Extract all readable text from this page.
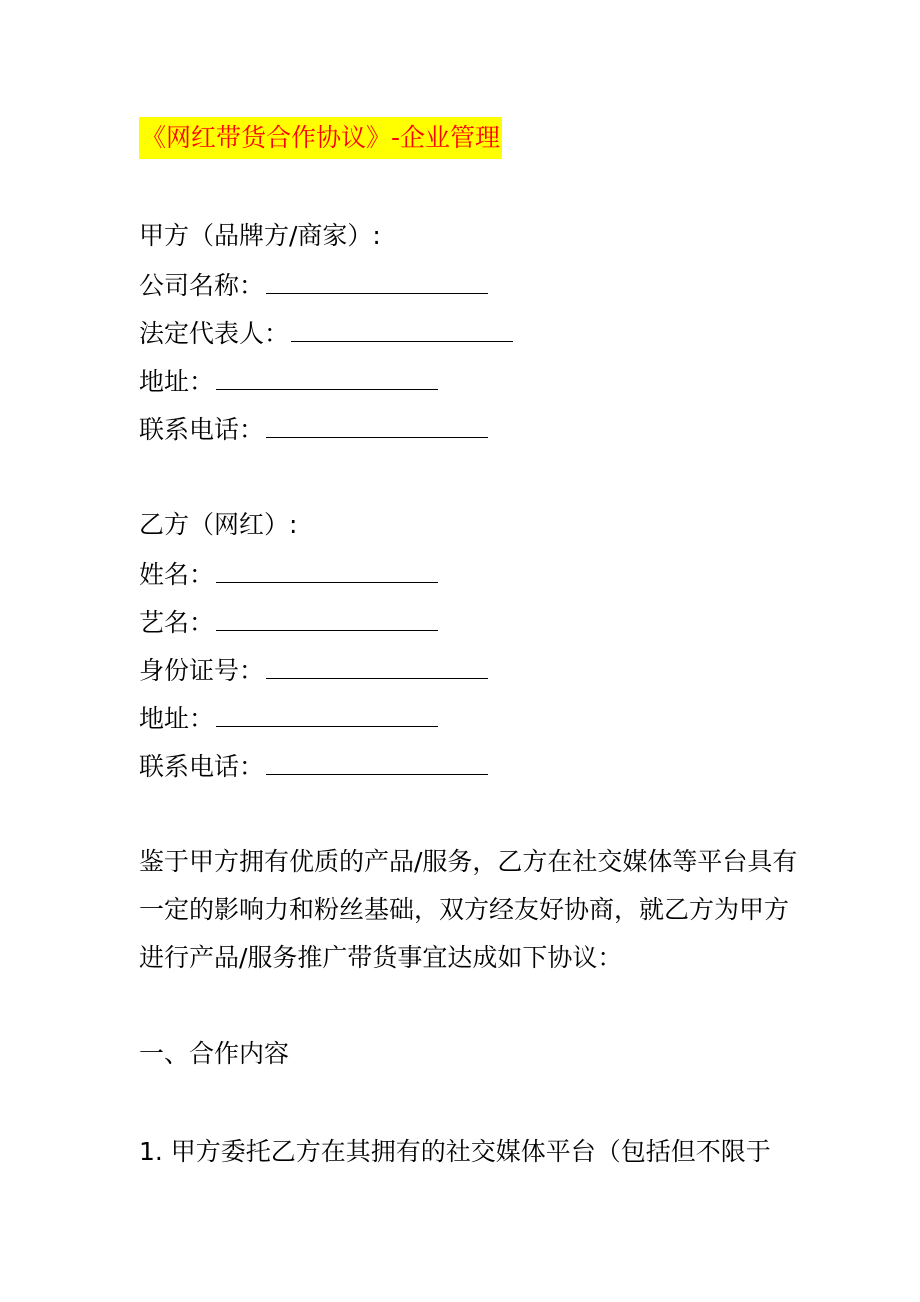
《网红带货合作协议》-企业管理
甲方（品牌方/商家）:
公司名称：
法定代表人：
地址：
联系电话：
乙方（网红）:
姓名：
艺名：
身份证号：
地址：
联系电话：
鉴于甲方拥有优质的产品/服务，乙方在社交媒体等平台具有
一定的影响力和粉丝基础，双方经友好协商，就乙方为甲方
进行产品/服务推广带货事宜达成如下协议：
一、合作内容
1. 甲方委托乙方在其拥有的社交媒体平台（包括但不限于
